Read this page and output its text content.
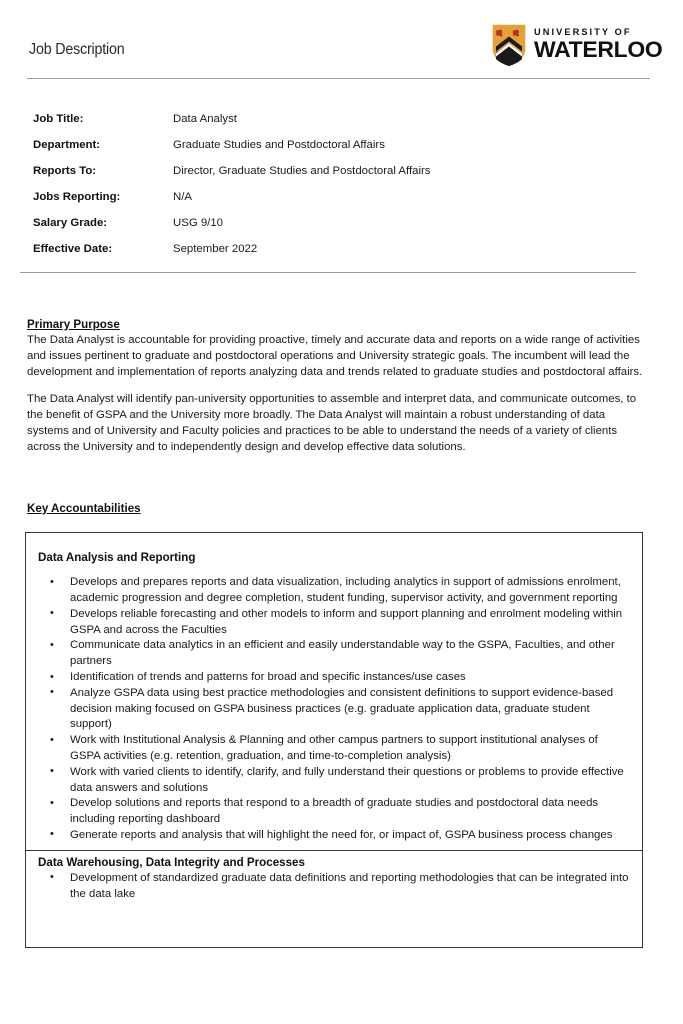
Job Description
UNIVERSITY OF
WATERLOO
Job Title:	Data Analyst
Department:	Graduate Studies and Postdoctoral Affairs
Reports To:	Director, Graduate Studies and Postdoctoral Affairs
Jobs Reporting:	N/A
Salary Grade:	USG 9/10
Effective Date:	September 2022
Primary Purpose

The Data Analyst is accountable for providing proactive, timely and accurate data and reports on a wide range of activities and issues pertinent to graduate and postdoctoral operations and University strategic goals. The incumbent will lead the development and implementation of reports analyzing data and trends related to graduate studies and postdoctoral affairs.

The Data Analyst will identify pan-university opportunities to assemble and interpret data, and communicate outcomes, to the benefit of GSPA and the University more broadly. The Data Analyst will maintain a robust understanding of data systems and of University and Faculty policies and practices to be able to understand the needs of a variety of clients across the University and to independently design and develop effective data solutions.

Key Accountabilities
Data Analysis and Reporting
• Develops and prepares reports and data visualization, including analytics in support of admissions enrolment, academic progression and degree completion, student funding, supervisor activity, and government reporting
• Develops reliable forecasting and other models to inform and support planning and enrolment modeling within GSPA and across the Faculties
• Communicate data analytics in an efficient and easily understandable way to the GSPA, Faculties, and other partners
• Identification of trends and patterns for broad and specific instances/use cases
• Analyze GSPA data using best practice methodologies and consistent definitions to support evidence-based decision making focused on GSPA business practices (e.g. graduate application data, graduate student support)
• Work with Institutional Analysis & Planning and other campus partners to support institutional analyses of GSPA activities (e.g. retention, graduation, and time-to-completion analysis)
• Work with varied clients to identify, clarify, and fully understand their questions or problems to provide effective data answers and solutions
• Develop solutions and reports that respond to a breadth of graduate studies and postdoctoral data needs including reporting dashboard
• Generate reports and analysis that will highlight the need for, or impact of, GSPA business process changes
Data Warehousing, Data Integrity and Processes
• Development of standardized graduate data definitions and reporting methodologies that can be integrated into the data lake
